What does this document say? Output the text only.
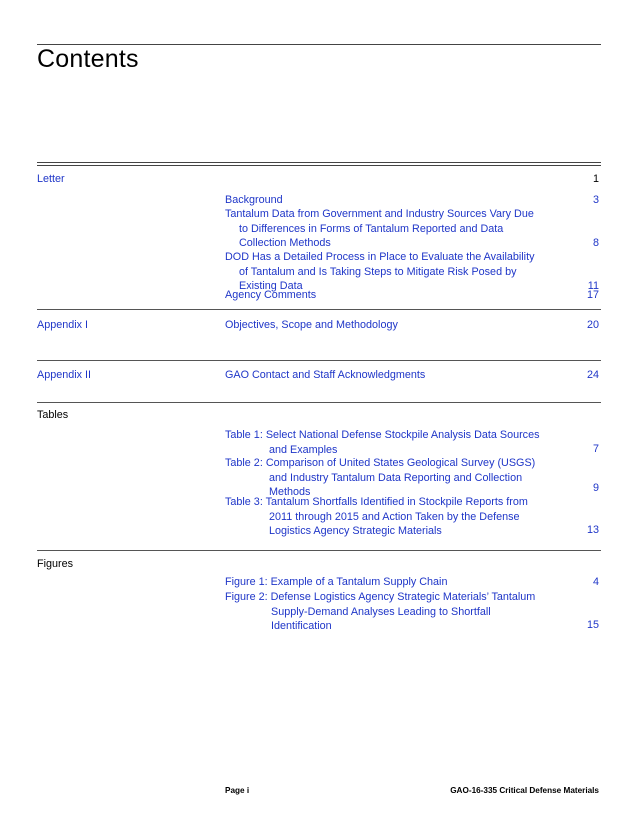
Contents
Letter	1
Background	3
Tantalum Data from Government and Industry Sources Vary Due
to Differences in Forms of Tantalum Reported and Data
Collection Methods	8
DOD Has a Detailed Process in Place to Evaluate the Availability
of Tantalum and Is Taking Steps to Mitigate Risk Posed by
Existing Data	11
Agency Comments	17
Appendix I	Objectives, Scope and Methodology	20
Appendix II	GAO Contact and Staff Acknowledgments	24
Tables
Table 1: Select National Defense Stockpile Analysis Data Sources
and Examples	7
Table 2: Comparison of United States Geological Survey (USGS)
and Industry Tantalum Data Reporting and Collection
Methods	9
Table 3: Tantalum Shortfalls Identified in Stockpile Reports from
2011 through 2015 and Action Taken by the Defense
Logistics Agency Strategic Materials	13
Figures
Figure 1: Example of a Tantalum Supply Chain	4
Figure 2: Defense Logistics Agency Strategic Materials’ Tantalum
Supply-Demand Analyses Leading to Shortfall
Identification	15
Page i	GAO-16-335 Critical Defense Materials
